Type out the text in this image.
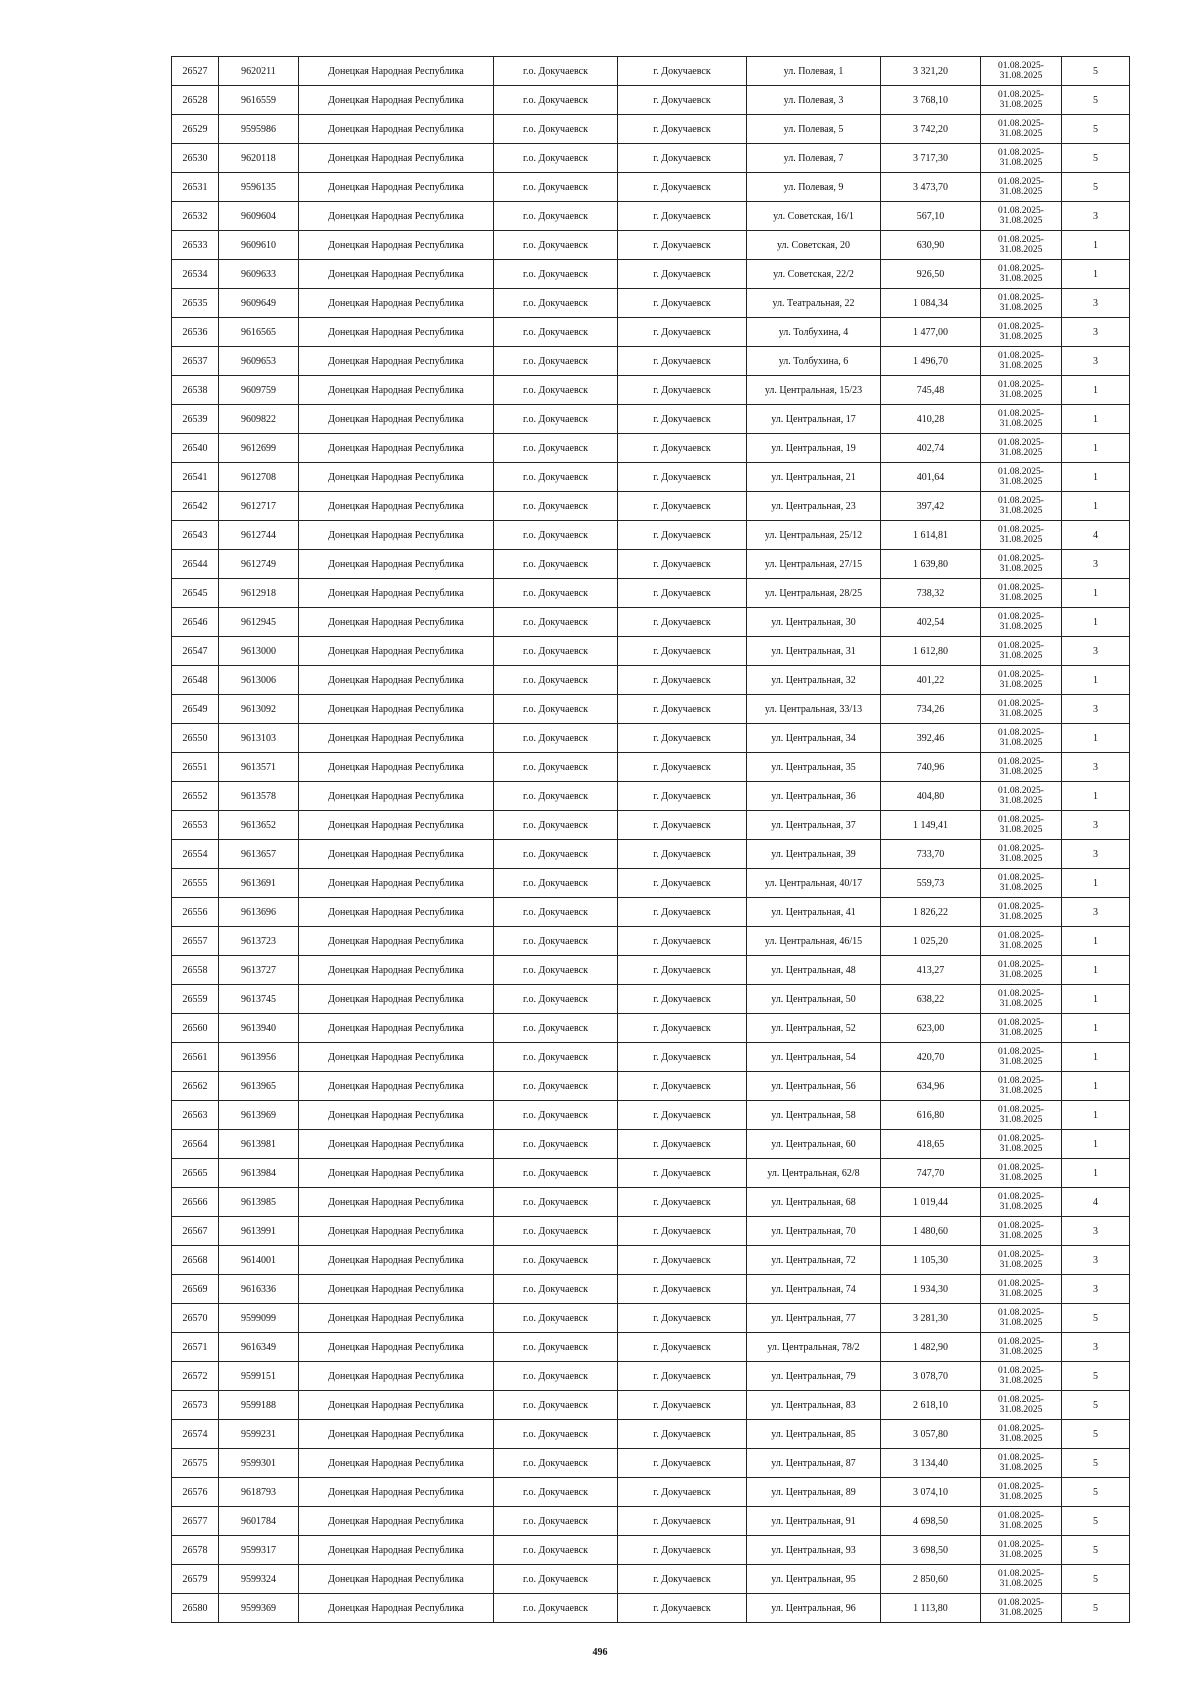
26527	9620211	Донецкая Народная Республика	г.о. Докучаевск	г. Докучаевск	ул. Полевая, 1	3 321,20	01.08.2025-
31.08.2025	5
26528	9616559	Донецкая Народная Республика	г.о. Докучаевск	г. Докучаевск	ул. Полевая, 3	3 768,10	01.08.2025-
31.08.2025	5
26529	9595986	Донецкая Народная Республика	г.о. Докучаевск	г. Докучаевск	ул. Полевая, 5	3 742,20	01.08.2025-
31.08.2025	5
26530	9620118	Донецкая Народная Республика	г.о. Докучаевск	г. Докучаевск	ул. Полевая, 7	3 717,30	01.08.2025-
31.08.2025	5
26531	9596135	Донецкая Народная Республика	г.о. Докучаевск	г. Докучаевск	ул. Полевая, 9	3 473,70	01.08.2025-
31.08.2025	5
26532	9609604	Донецкая Народная Республика	г.о. Докучаевск	г. Докучаевск	ул. Советская, 16/1	567,10	01.08.2025-
31.08.2025	3
26533	9609610	Донецкая Народная Республика	г.о. Докучаевск	г. Докучаевск	ул. Советская, 20	630,90	01.08.2025-
31.08.2025	1
26534	9609633	Донецкая Народная Республика	г.о. Докучаевск	г. Докучаевск	ул. Советская, 22/2	926,50	01.08.2025-
31.08.2025	1
26535	9609649	Донецкая Народная Республика	г.о. Докучаевск	г. Докучаевск	ул. Театральная, 22	1 084,34	01.08.2025-
31.08.2025	3
26536	9616565	Донецкая Народная Республика	г.о. Докучаевск	г. Докучаевск	ул. Толбухина, 4	1 477,00	01.08.2025-
31.08.2025	3
26537	9609653	Донецкая Народная Республика	г.о. Докучаевск	г. Докучаевск	ул. Толбухина, 6	1 496,70	01.08.2025-
31.08.2025	3
26538	9609759	Донецкая Народная Республика	г.о. Докучаевск	г. Докучаевск	ул. Центральная, 15/23	745,48	01.08.2025-
31.08.2025	1
26539	9609822	Донецкая Народная Республика	г.о. Докучаевск	г. Докучаевск	ул. Центральная, 17	410,28	01.08.2025-
31.08.2025	1
26540	9612699	Донецкая Народная Республика	г.о. Докучаевск	г. Докучаевск	ул. Центральная, 19	402,74	01.08.2025-
31.08.2025	1
26541	9612708	Донецкая Народная Республика	г.о. Докучаевск	г. Докучаевск	ул. Центральная, 21	401,64	01.08.2025-
31.08.2025	1
26542	9612717	Донецкая Народная Республика	г.о. Докучаевск	г. Докучаевск	ул. Центральная, 23	397,42	01.08.2025-
31.08.2025	1
26543	9612744	Донецкая Народная Республика	г.о. Докучаевск	г. Докучаевск	ул. Центральная, 25/12	1 614,81	01.08.2025-
31.08.2025	4
26544	9612749	Донецкая Народная Республика	г.о. Докучаевск	г. Докучаевск	ул. Центральная, 27/15	1 639,80	01.08.2025-
31.08.2025	3
26545	9612918	Донецкая Народная Республика	г.о. Докучаевск	г. Докучаевск	ул. Центральная, 28/25	738,32	01.08.2025-
31.08.2025	1
26546	9612945	Донецкая Народная Республика	г.о. Докучаевск	г. Докучаевск	ул. Центральная, 30	402,54	01.08.2025-
31.08.2025	1
26547	9613000	Донецкая Народная Республика	г.о. Докучаевск	г. Докучаевск	ул. Центральная, 31	1 612,80	01.08.2025-
31.08.2025	3
26548	9613006	Донецкая Народная Республика	г.о. Докучаевск	г. Докучаевск	ул. Центральная, 32	401,22	01.08.2025-
31.08.2025	1
26549	9613092	Донецкая Народная Республика	г.о. Докучаевск	г. Докучаевск	ул. Центральная, 33/13	734,26	01.08.2025-
31.08.2025	3
26550	9613103	Донецкая Народная Республика	г.о. Докучаевск	г. Докучаевск	ул. Центральная, 34	392,46	01.08.2025-
31.08.2025	1
26551	9613571	Донецкая Народная Республика	г.о. Докучаевск	г. Докучаевск	ул. Центральная, 35	740,96	01.08.2025-
31.08.2025	3
26552	9613578	Донецкая Народная Республика	г.о. Докучаевск	г. Докучаевск	ул. Центральная, 36	404,80	01.08.2025-
31.08.2025	1
26553	9613652	Донецкая Народная Республика	г.о. Докучаевск	г. Докучаевск	ул. Центральная, 37	1 149,41	01.08.2025-
31.08.2025	3
26554	9613657	Донецкая Народная Республика	г.о. Докучаевск	г. Докучаевск	ул. Центральная, 39	733,70	01.08.2025-
31.08.2025	3
26555	9613691	Донецкая Народная Республика	г.о. Докучаевск	г. Докучаевск	ул. Центральная, 40/17	559,73	01.08.2025-
31.08.2025	1
26556	9613696	Донецкая Народная Республика	г.о. Докучаевск	г. Докучаевск	ул. Центральная, 41	1 826,22	01.08.2025-
31.08.2025	3
26557	9613723	Донецкая Народная Республика	г.о. Докучаевск	г. Докучаевск	ул. Центральная, 46/15	1 025,20	01.08.2025-
31.08.2025	1
26558	9613727	Донецкая Народная Республика	г.о. Докучаевск	г. Докучаевск	ул. Центральная, 48	413,27	01.08.2025-
31.08.2025	1
26559	9613745	Донецкая Народная Республика	г.о. Докучаевск	г. Докучаевск	ул. Центральная, 50	638,22	01.08.2025-
31.08.2025	1
26560	9613940	Донецкая Народная Республика	г.о. Докучаевск	г. Докучаевск	ул. Центральная, 52	623,00	01.08.2025-
31.08.2025	1
26561	9613956	Донецкая Народная Республика	г.о. Докучаевск	г. Докучаевск	ул. Центральная, 54	420,70	01.08.2025-
31.08.2025	1
26562	9613965	Донецкая Народная Республика	г.о. Докучаевск	г. Докучаевск	ул. Центральная, 56	634,96	01.08.2025-
31.08.2025	1
26563	9613969	Донецкая Народная Республика	г.о. Докучаевск	г. Докучаевск	ул. Центральная, 58	616,80	01.08.2025-
31.08.2025	1
26564	9613981	Донецкая Народная Республика	г.о. Докучаевск	г. Докучаевск	ул. Центральная, 60	418,65	01.08.2025-
31.08.2025	1
26565	9613984	Донецкая Народная Республика	г.о. Докучаевск	г. Докучаевск	ул. Центральная, 62/8	747,70	01.08.2025-
31.08.2025	1
26566	9613985	Донецкая Народная Республика	г.о. Докучаевск	г. Докучаевск	ул. Центральная, 68	1 019,44	01.08.2025-
31.08.2025	4
26567	9613991	Донецкая Народная Республика	г.о. Докучаевск	г. Докучаевск	ул. Центральная, 70	1 480,60	01.08.2025-
31.08.2025	3
26568	9614001	Донецкая Народная Республика	г.о. Докучаевск	г. Докучаевск	ул. Центральная, 72	1 105,30	01.08.2025-
31.08.2025	3
26569	9616336	Донецкая Народная Республика	г.о. Докучаевск	г. Докучаевск	ул. Центральная, 74	1 934,30	01.08.2025-
31.08.2025	3
26570	9599099	Донецкая Народная Республика	г.о. Докучаевск	г. Докучаевск	ул. Центральная, 77	3 281,30	01.08.2025-
31.08.2025	5
26571	9616349	Донецкая Народная Республика	г.о. Докучаевск	г. Докучаевск	ул. Центральная, 78/2	1 482,90	01.08.2025-
31.08.2025	3
26572	9599151	Донецкая Народная Республика	г.о. Докучаевск	г. Докучаевск	ул. Центральная, 79	3 078,70	01.08.2025-
31.08.2025	5
26573	9599188	Донецкая Народная Республика	г.о. Докучаевск	г. Докучаевск	ул. Центральная, 83	2 618,10	01.08.2025-
31.08.2025	5
26574	9599231	Донецкая Народная Республика	г.о. Докучаевск	г. Докучаевск	ул. Центральная, 85	3 057,80	01.08.2025-
31.08.2025	5
26575	9599301	Донецкая Народная Республика	г.о. Докучаевск	г. Докучаевск	ул. Центральная, 87	3 134,40	01.08.2025-
31.08.2025	5
26576	9618793	Донецкая Народная Республика	г.о. Докучаевск	г. Докучаевск	ул. Центральная, 89	3 074,10	01.08.2025-
31.08.2025	5
26577	9601784	Донецкая Народная Республика	г.о. Докучаевск	г. Докучаевск	ул. Центральная, 91	4 698,50	01.08.2025-
31.08.2025	5
26578	9599317	Донецкая Народная Республика	г.о. Докучаевск	г. Докучаевск	ул. Центральная, 93	3 698,50	01.08.2025-
31.08.2025	5
26579	9599324	Донецкая Народная Республика	г.о. Докучаевск	г. Докучаевск	ул. Центральная, 95	2 850,60	01.08.2025-
31.08.2025	5
26580	9599369	Донецкая Народная Республика	г.о. Докучаевск	г. Докучаевск	ул. Центральная, 96	1 113,80	01.08.2025-
31.08.2025	5
496
